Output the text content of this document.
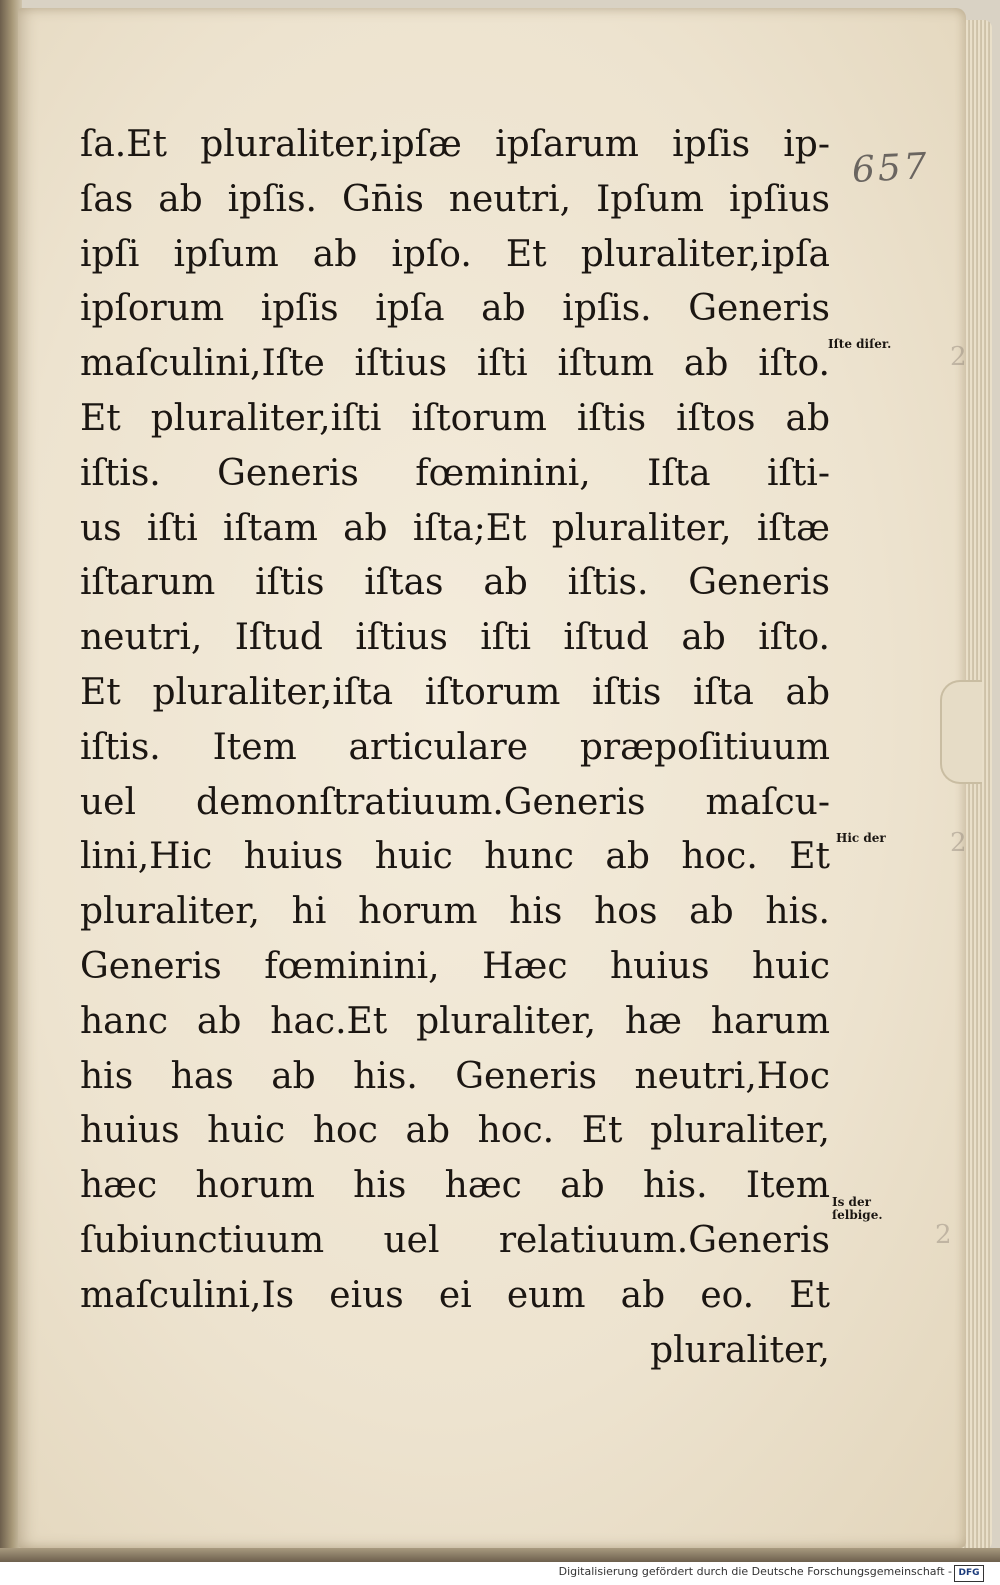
657
ſa.Et pluraliter,ipſæ ipſarum ipſis ip-
ſas ab ipſis. Gn̄is neutri, Ipſum ipſius
ipſi ipſum ab ipſo. Et pluraliter,ipſa
ipſorum ipſis ipſa ab ipſis. Generis
maſculini,Iſte iſtius iſti iſtum ab iſto.
Et pluraliter,iſti iſtorum iſtis iſtos ab
iſtis. Generis fœminini, Iſta iſti-
us iſti iſtam ab iſta;Et pluraliter, iſtæ
iſtarum iſtis iſtas ab iſtis. Generis
neutri, Iſtud iſtius iſti iſtud ab iſto.
Et pluraliter,iſta iſtorum iſtis iſta ab
iſtis. Item articulare præpoſitiuum
uel demonſtratiuum.Generis maſcu-
lini,Hic huius huic hunc ab hoc. Et
pluraliter, hi horum his hos ab his.
Generis fœminini, Hæc huius huic
hanc ab hac.Et pluraliter, hæ harum
his has ab his. Generis neutri,Hoc
huius huic hoc ab hoc. Et pluraliter,
hæc horum his hæc ab his. Item
ſubiunctiuum uel relatiuum.Generis
maſculini,Is eius ei eum ab eo. Et
pluraliter,
Iſte diſer.
Hic der
Is der ſelbige.
2
2
2
Digitalisierung gefördert durch die Deutsche Forschungsgemeinschaft - DFG
